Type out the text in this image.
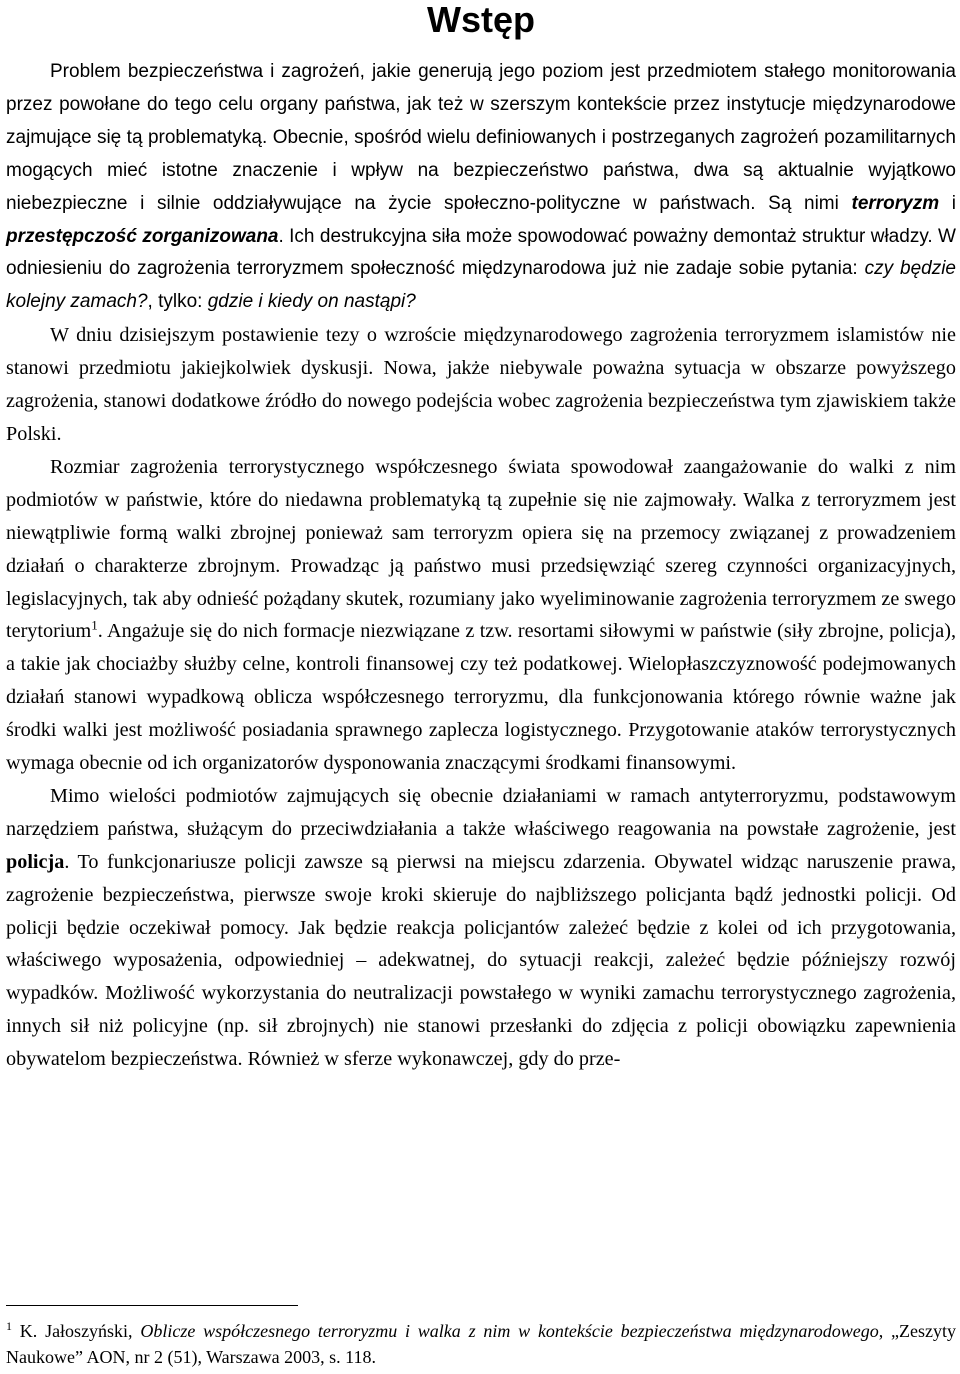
Wstęp

Problem bezpieczeństwa i zagrożeń, jakie generują jego poziom jest przedmiotem stałego monitorowania przez powołane do tego celu organy państwa, jak też w szerszym kontekście przez instytucje międzynarodowe zajmujące się tą problematyką. Obecnie, spośród wielu definiowanych i postrzeganych zagrożeń pozamilitarnych mogących mieć istotne znaczenie i wpływ na bezpieczeństwo państwa, dwa są aktualnie wyjątkowo niebezpieczne i silnie oddziaływujące na życie społeczno-polityczne w państwach. Są nimi terroryzm i przestępczość zorganizowana. Ich destrukcyjna siła może spowodować poważny demontaż struktur władzy. W odniesieniu do zagrożenia terroryzmem społeczność międzynarodowa już nie zadaje sobie pytania: czy będzie kolejny zamach?, tylko: gdzie i kiedy on nastąpi?

W dniu dzisiejszym postawienie tezy o wzroście międzynarodowego zagrożenia terroryzmem islamistów nie stanowi przedmiotu jakiejkolwiek dyskusji. Nowa, jakże niebywale poważna sytuacja w obszarze powyższego zagrożenia, stanowi dodatkowe źródło do nowego podejścia wobec zagrożenia bezpieczeństwa tym zjawiskiem także Polski.

Rozmiar zagrożenia terrorystycznego współczesnego świata spowodował zaangażowanie do walki z nim podmiotów w państwie, które do niedawna problematyką tą zupełnie się nie zajmowały. Walka z terroryzmem jest niewątpliwie formą walki zbrojnej ponieważ sam terroryzm opiera się na przemocy związanej z prowadzeniem działań o charakterze zbrojnym. Prowadząc ją państwo musi przedsięwziąć szereg czynności organizacyjnych, legislacyjnych, tak aby odnieść pożądany skutek, rozumiany jako wyeliminowanie zagrożenia terroryzmem ze swego terytorium$^1$. Angażuje się do nich formacje niezwiązane z tzw. resortami siłowymi w państwie (siły zbrojne, policja), a takie jak chociażby służby celne, kontroli finansowej czy też podatkowej. Wielopłaszczyznowość podejmowanych działań stanowi wypadkową oblicza współczesnego terroryzmu, dla funkcjonowania którego równie ważne jak środki walki jest możliwość posiadania sprawnego zaplecza logistycznego. Przygotowanie ataków terrorystycznych wymaga obecnie od ich organizatorów dysponowania znaczącymi środkami finansowymi.

Mimo wielości podmiotów zajmujących się obecnie działaniami w ramach antyterroryzmu, podstawowym narzędziem państwa, służącym do przeciwdziałania a także właściwego reagowania na powstałe zagrożenie, jest policja. To funkcjonariusze policji zawsze są pierwsi na miejscu zdarzenia. Obywatel widząc naruszenie prawa, zagrożenie bezpieczeństwa, pierwsze swoje kroki skieruje do najbliższego policjanta bądź jednostki policji. Od policji będzie oczekiwał pomocy. Jak będzie reakcja policjantów zależeć będzie z kolei od ich przygotowania, właściwego wyposażenia, odpowiedniej – adekwatnej, do sytuacji reakcji, zależeć będzie późniejszy rozwój wypadków. Możliwość wykorzystania do neutralizacji powstałego w wyniki zamachu terrorystycznego zagrożenia, innych sił niż policyjne (np. sił zbrojnych) nie stanowi przesłanki do zdjęcia z policji obowiązku zapewnienia obywatelom bezpieczeństwa. Również w sferze wykonawczej, gdy do prze-

$^1$ K. Jałoszyński, Oblicze współczesnego terroryzmu i walka z nim w kontekście bezpieczeństwa międzynarodowego, „Zeszyty Naukowe” AON, nr 2 (51), Warszawa 2003, s. 118.
